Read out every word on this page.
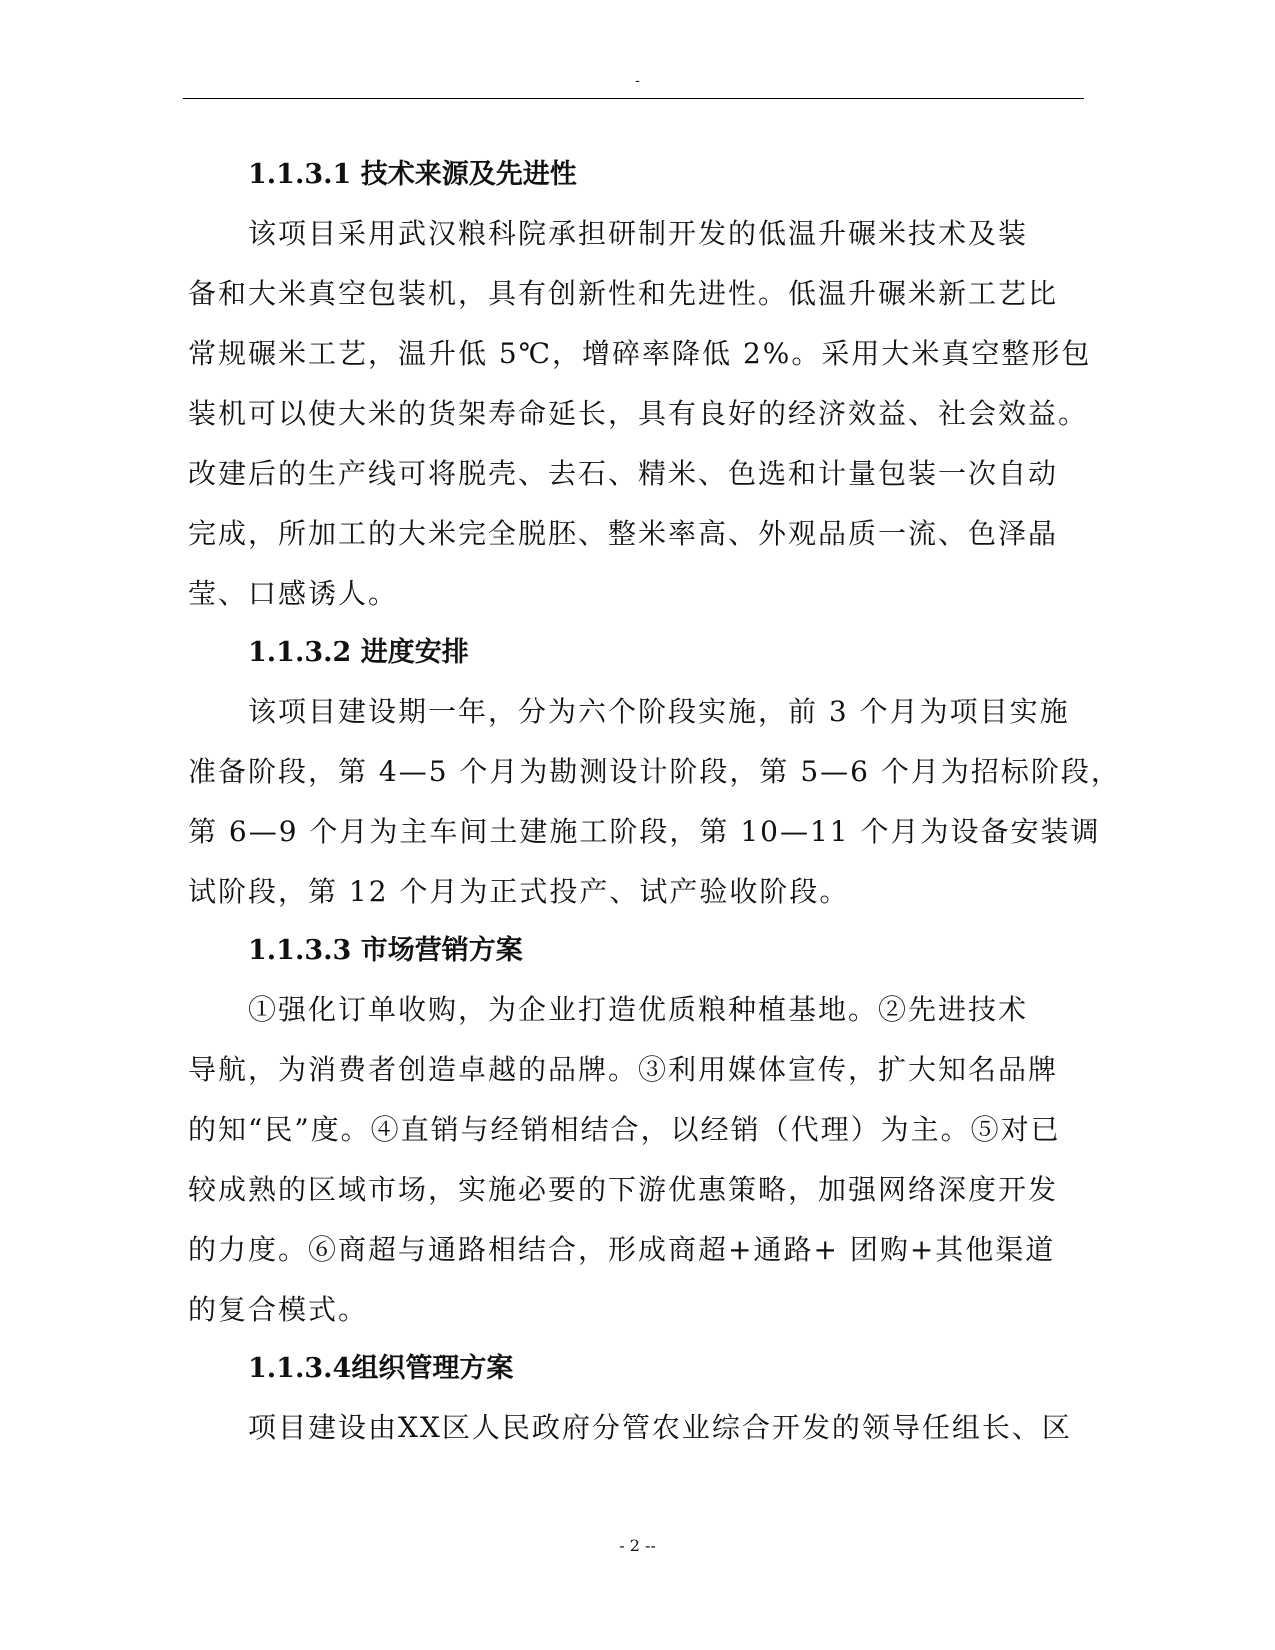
-
1.1.3.1 技术来源及先进性
该项目采用武汉粮科院承担研制开发的低温升碾米技术及装
备和大米真空包装机，具有创新性和先进性。低温升碾米新工艺比
常规碾米工艺，温升低 5℃，增碎率降低 2%。采用大米真空整形包
装机可以使大米的货架寿命延长，具有良好的经济效益、社会效益。
改建后的生产线可将脱壳、去石、精米、色选和计量包装一次自动
完成，所加工的大米完全脱胚、整米率高、外观品质一流、色泽晶
莹、口感诱人。
1.1.3.2 进度安排
该项目建设期一年，分为六个阶段实施，前 3 个月为项目实施
准备阶段，第 4—5 个月为勘测设计阶段，第 5—6 个月为招标阶段，
第 6—9 个月为主车间土建施工阶段，第 10—11 个月为设备安装调
试阶段，第 12 个月为正式投产、试产验收阶段。
1.1.3.3 市场营销方案
①强化订单收购，为企业打造优质粮种植基地。②先进技术
导航，为消费者创造卓越的品牌。③利用媒体宣传，扩大知名品牌
的知“民”度。④直销与经销相结合，以经销（代理）为主。⑤对已
较成熟的区域市场，实施必要的下游优惠策略，加强网络深度开发
的力度。⑥商超与通路相结合，形成商超+通路+ 团购+其他渠道
的复合模式。
1.1.3.4组织管理方案
项目建设由XX区人民政府分管农业综合开发的领导任组长、区
- 2 --
